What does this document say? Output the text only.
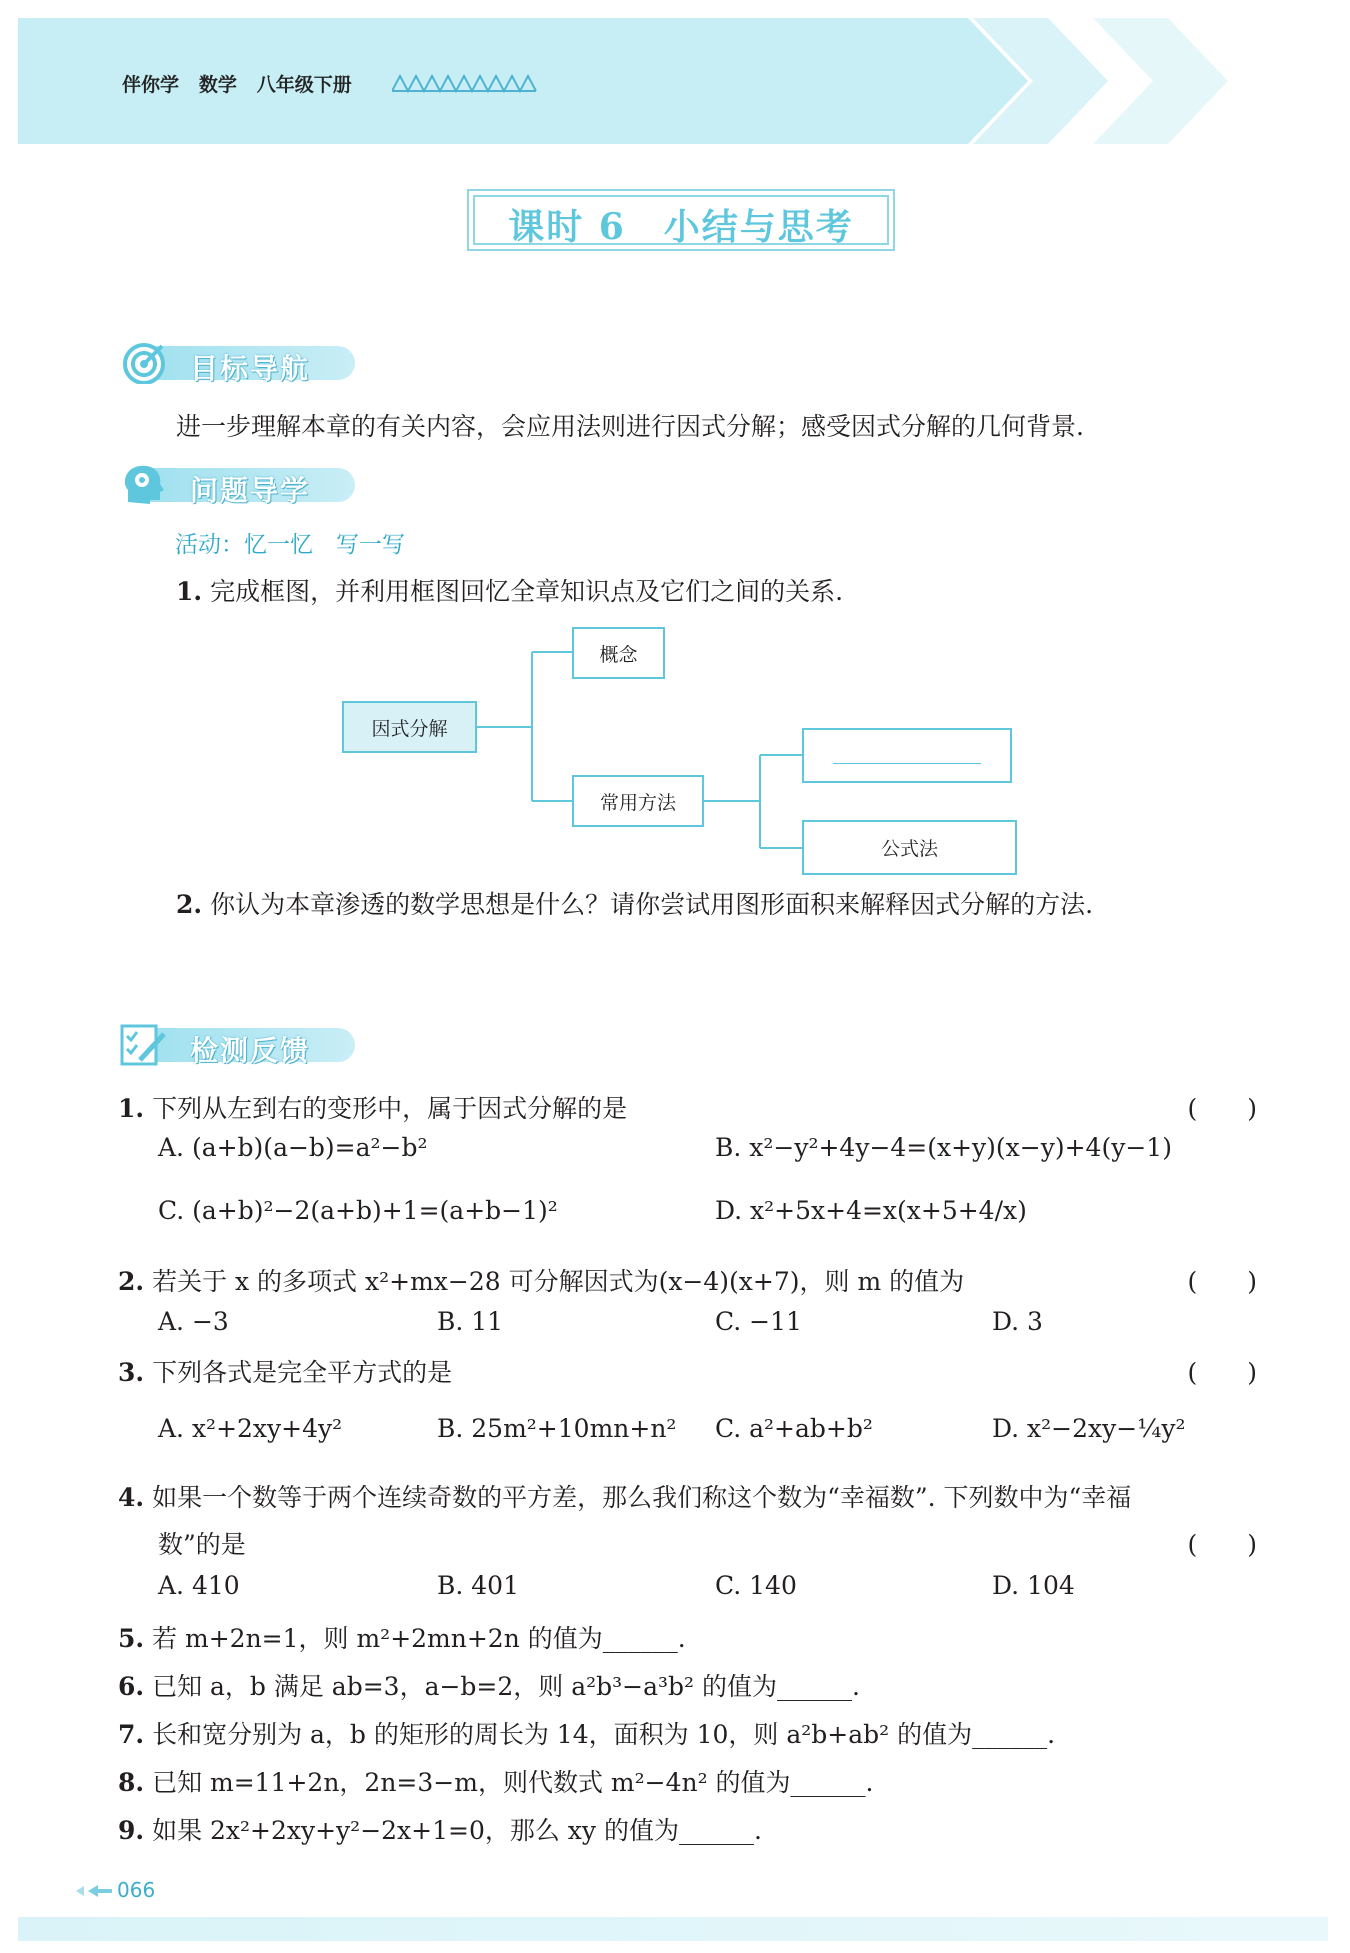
伴你学 数学 八年级下册
课时 6　小结与思考
目标导航
进一步理解本章的有关内容，会应用法则进行因式分解；感受因式分解的几何背景.
问题导学
活动：忆一忆　写一写
1. 完成框图，并利用框图回忆全章知识点及它们之间的关系.
概念
因式分解
常用方法
公式法
2. 你认为本章渗透的数学思想是什么？请你尝试用图形面积来解释因式分解的方法.
检测反馈
1. 下列从左到右的变形中，属于因式分解的是	(　　)
A. (a+b)(a−b)=a²−b²	B. x²−y²+4y−4=(x+y)(x−y)+4(y−1)
C. (a+b)²−2(a+b)+1=(a+b−1)²	D. x²+5x+4=x(x+5+4/x)
2. 若关于 x 的多项式 x²+mx−28 可分解因式为(x−4)(x+7)，则 m 的值为	(　　)
A. −3	B. 11	C. −11	D. 3
3. 下列各式是完全平方式的是	(　　)
A. x²+2xy+4y²	B. 25m²+10mn+n² C. a²+ab+b²	D. x²−2xy−¼y²
4. 如果一个数等于两个连续奇数的平方差，那么我们称这个数为“幸福数”. 下列数中为“幸福
数”的是	(　　)
A. 410	B. 401	C. 140	D. 104
5. 若 m+2n=1，则 m²+2mn+2n 的值为______.
6. 已知 a，b 满足 ab=3，a−b=2，则 a²b³−a³b² 的值为______.
7. 长和宽分别为 a，b 的矩形的周长为 14，面积为 10，则 a²b+ab² 的值为______.
8. 已知 m=11+2n，2n=3−m，则代数式 m²−4n² 的值为______.
9. 如果 2x²+2xy+y²−2x+1=0，那么 xy 的值为______.
066
